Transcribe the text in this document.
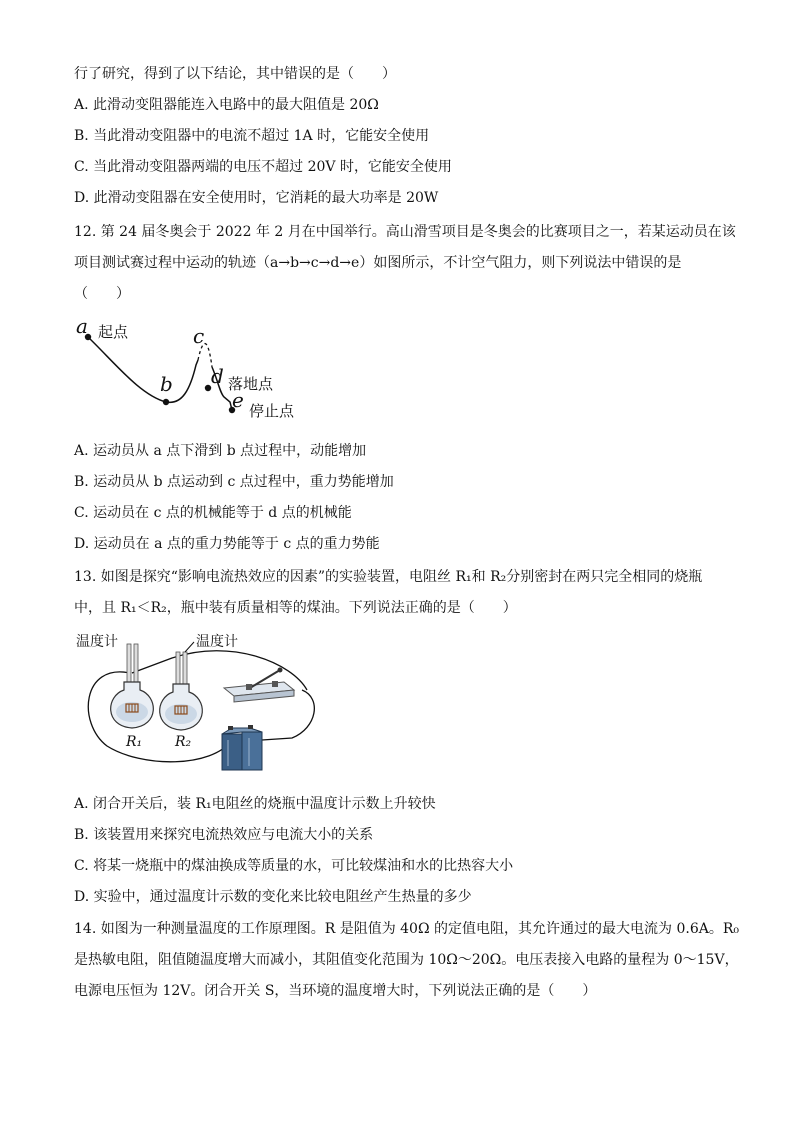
行了研究，得到了以下结论，其中错误的是（　　）
A. 此滑动变阻器能连入电路中的最大阻值是 20Ω
B. 当此滑动变阻器中的电流不超过 1A 时，它能安全使用
C. 当此滑动变阻器两端的电压不超过 20V 时，它能安全使用
D. 此滑动变阻器在安全使用时，它消耗的最大功率是 20W
12. 第 24 届冬奥会于 2022 年 2 月在中国举行。高山滑雪项目是冬奥会的比赛项目之一，若某运动员在该
项目测试赛过程中运动的轨迹（a→b→c→d→e）如图所示，不计空气阻力，则下列说法中错误的是
（　　）
a 起点
b
c
d 落地点
e 停止点
A. 运动员从 a 点下滑到 b 点过程中，动能增加
B. 运动员从 b 点运动到 c 点过程中，重力势能增加
C. 运动员在 c 点的机械能等于 d 点的机械能
D. 运动员在 a 点的重力势能等于 c 点的重力势能
13. 如图是探究“影响电流热效应的因素”的实验装置，电阻丝 R₁和 R₂分别密封在两只完全相同的烧瓶
中，且 R₁＜R₂，瓶中装有质量相等的煤油。下列说法正确的是（　　）
温度计	温度计
R₁ R₂
A. 闭合开关后，装 R₁电阻丝的烧瓶中温度计示数上升较快
B. 该装置用来探究电流热效应与电流大小的关系
C. 将某一烧瓶中的煤油换成等质量的水，可比较煤油和水的比热容大小
D. 实验中，通过温度计示数的变化来比较电阻丝产生热量的多少
14. 如图为一种测量温度的工作原理图。R 是阻值为 40Ω 的定值电阻，其允许通过的最大电流为 0.6A。R₀
是热敏电阻，阻值随温度增大而减小，其阻值变化范围为 10Ω～20Ω。电压表接入电路的量程为 0～15V，
电源电压恒为 12V。闭合开关 S，当环境的温度增大时，下列说法正确的是（　　）
